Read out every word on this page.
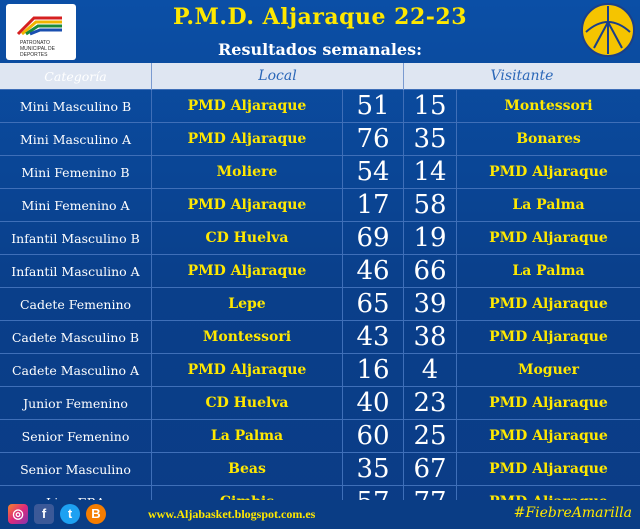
PATRONATO
MUNICIPAL DE
DEPORTES
P.M.D. Aljaraque 22-23
Resultados semanales:
Categoría	Local		Visitante	
Mini Masculino B	PMD Aljaraque	51	15	Montessori
Mini Masculino A	PMD Aljaraque	76	35	Bonares
Mini Femenino B	Moliere	54	14	PMD Aljaraque
Mini Femenino A	PMD Aljaraque	17	58	La Palma
Infantil Masculino B	CD Huelva	69	19	PMD Aljaraque
Infantil Masculino A	PMD Aljaraque	46	66	La Palma
Cadete Femenino	Lepe	65	39	PMD Aljaraque
Cadete Masculino B	Montessori	43	38	PMD Aljaraque
Cadete Masculino A	PMD Aljaraque	16	4	Moguer
Junior Femenino	CD Huelva	40	23	PMD Aljaraque
Senior Femenino	La Palma	60	25	PMD Aljaraque
Senior Masculino	Beas	35	67	PMD Aljaraque

◎	f	t	B	www.Aljabasket.blogspot.com.es	#FiebreAmarilla
